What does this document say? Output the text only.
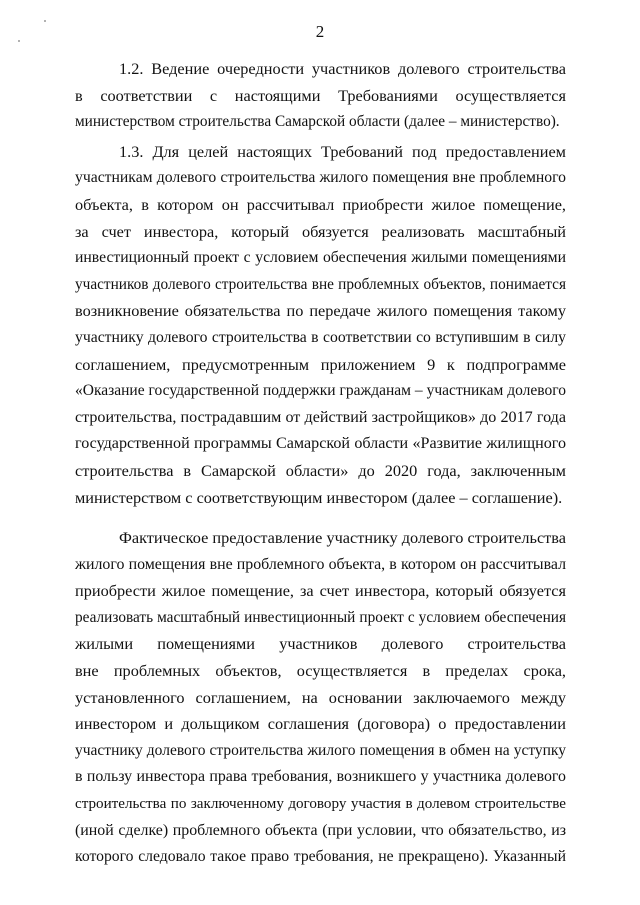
2
1.2. Ведение очередности участников долевого строительства
в соответствии с настоящими Требованиями осуществляется
министерством строительства Самарской области (далее – министерство).
1.3. Для целей настоящих Требований под предоставлением
участникам долевого строительства жилого помещения вне проблемного
объекта, в котором он рассчитывал приобрести жилое помещение,
за счет инвестора, который обязуется реализовать масштабный
инвестиционный проект с условием обеспечения жилыми помещениями
участников долевого строительства вне проблемных объектов, понимается
возникновение обязательства по передаче жилого помещения такому
участнику долевого строительства в соответствии со вступившим в силу
соглашением, предусмотренным приложением 9 к подпрограмме
«Оказание государственной поддержки гражданам – участникам долевого
строительства, пострадавшим от действий застройщиков» до 2017 года
государственной программы Самарской области «Развитие жилищного
строительства в Самарской области» до 2020 года, заключенным
министерством с соответствующим инвестором (далее – соглашение).
Фактическое предоставление участнику долевого строительства
жилого помещения вне проблемного объекта, в котором он рассчитывал
приобрести жилое помещение, за счет инвестора, который обязуется
реализовать масштабный инвестиционный проект с условием обеспечения
жилыми помещениями участников долевого строительства
вне проблемных объектов, осуществляется в пределах срока,
установленного соглашением, на основании заключаемого между
инвестором и дольщиком соглашения (договора) о предоставлении
участнику долевого строительства жилого помещения в обмен на уступку
в пользу инвестора права требования, возникшего у участника долевого
строительства по заключенному договору участия в долевом строительстве
(иной сделке) проблемного объекта (при условии, что обязательство, из
которого следовало такое право требования, не прекращено). Указанный
